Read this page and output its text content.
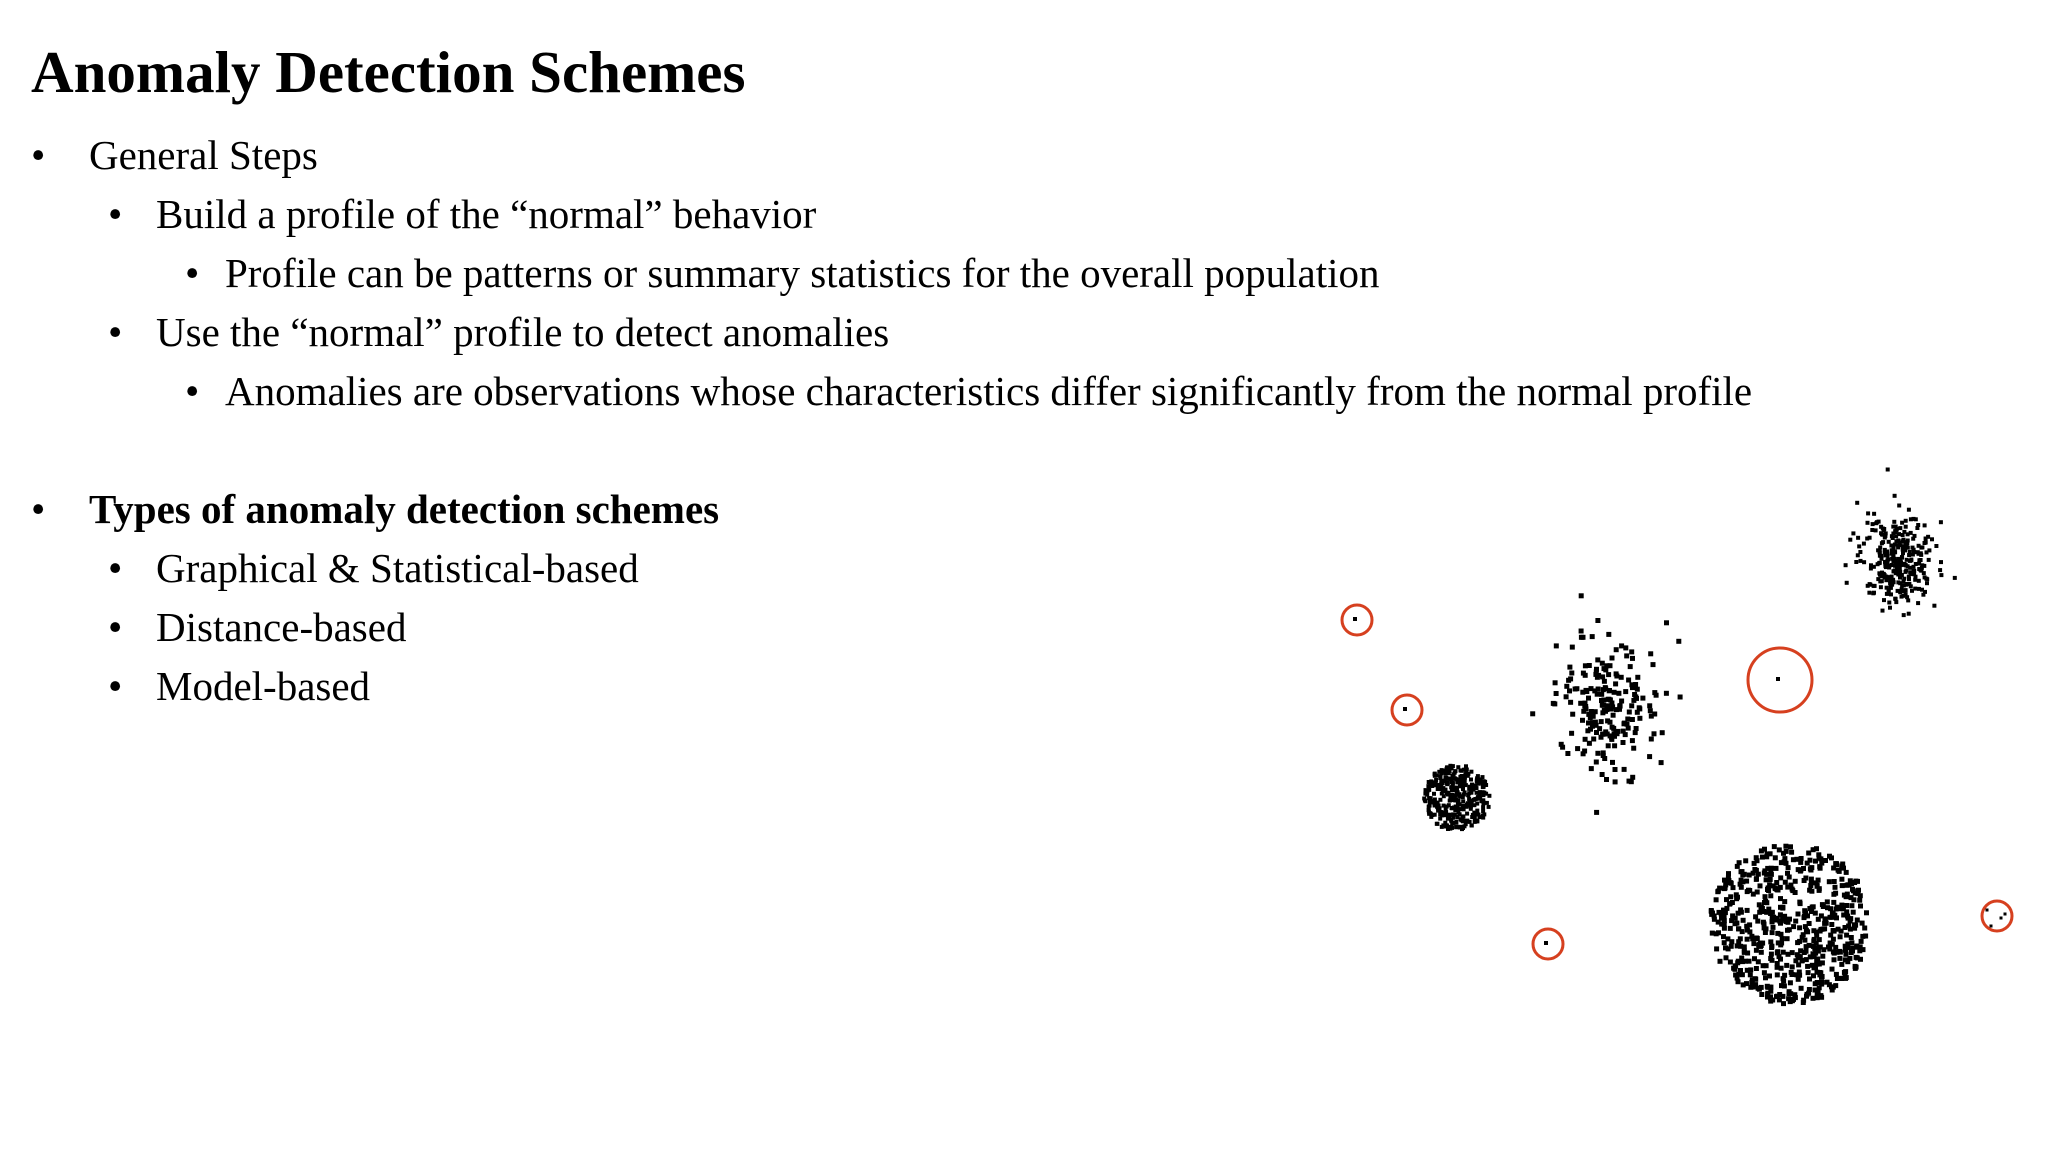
Anomaly Detection Schemes
• General Steps
• Build a profile of the “normal” behavior
• Profile can be patterns or summary statistics for the overall population
• Use the “normal” profile to detect anomalies
• Anomalies are observations whose characteristics differ significantly from the normal profile
• Types of anomaly detection schemes
• Graphical & Statistical-based
• Distance-based
• Model-based
